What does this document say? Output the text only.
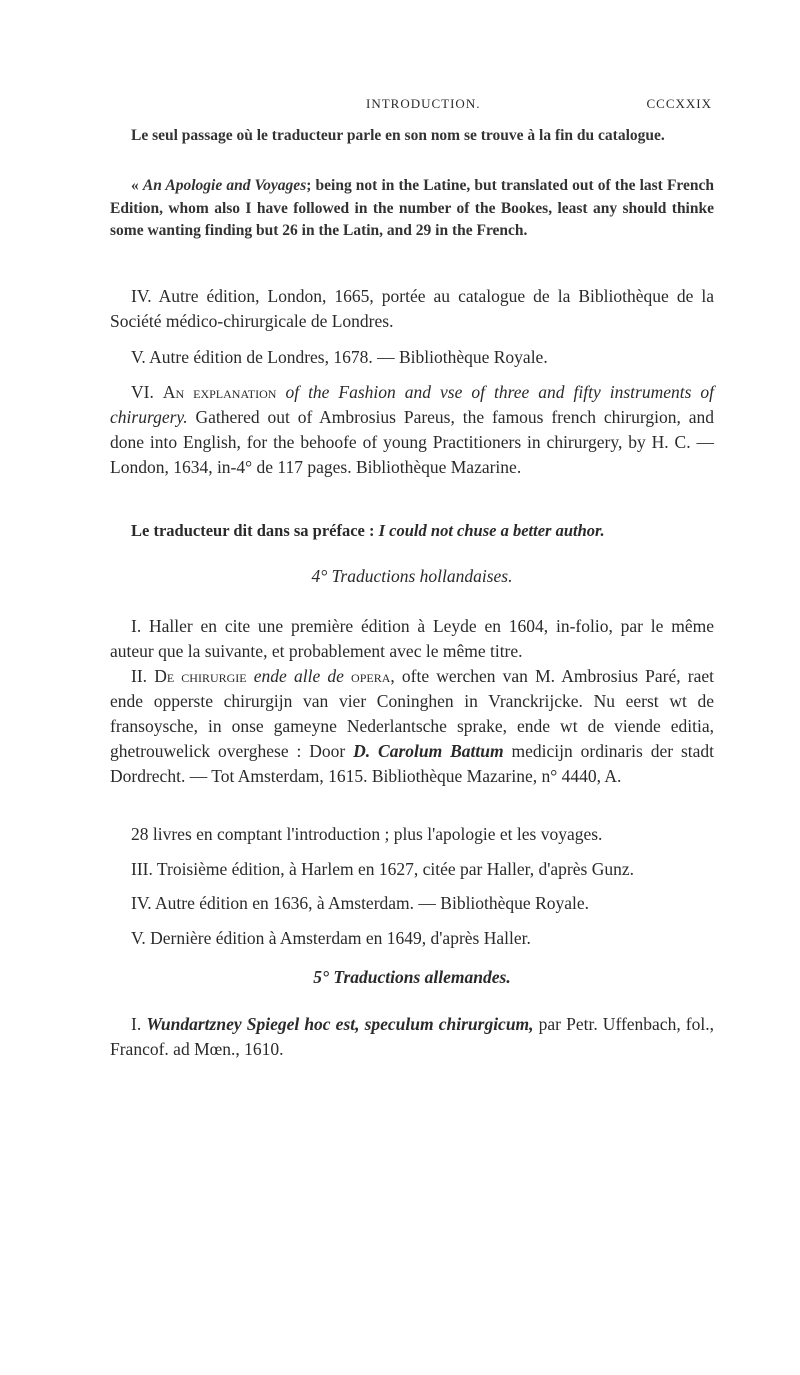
INTRODUCTION.	CCCXXIX

Le seul passage où le traducteur parle en son nom se trouve à la fin du catalogue.

« An Apologie and Voyages; being not in the Latine, but translated out of the last French Edition, whom also I have followed in the number of the Bookes, least any should thinke some wanting finding but 26 in the Latin, and 29 in the French.

IV. Autre édition, London, 1665, portée au catalogue de la Bibliothèque de la Société médico-chirurgicale de Londres.

V. Autre édition de Londres, 1678. — Bibliothèque Royale.

VI. An explanation of the Fashion and vse of three and fifty instruments of chirurgery. Gathered out of Ambrosius Pareus, the famous french chirurgion, and done into English, for the behoofe of young Practitioners in chirurgery, by H. C. — London, 1634, in-4° de 117 pages. Bibliothèque Mazarine.

Le traducteur dit dans sa préface : I could not chuse a better author.

4° Traductions hollandaises.

I. Haller en cite une première édition à Leyde en 1604, in-folio, par le même auteur que la suivante, et probablement avec le même titre.

II. De chirurgie ende alle de opera, ofte werchen van M. Ambrosius Paré, raet ende opperste chirurgijn van vier Coninghen in Vranckrijcke. Nu eerst wt de fransoysche, in onse gameyne Nederlantsche sprake, ende wt de viende editia, ghetrouwelick overghese : Door D. Carolum Battum medicijn ordinaris der stadt Dordrecht. — Tot Amsterdam, 1615. Bibliothèque Mazarine, n° 4440, A.

28 livres en comptant l'introduction ; plus l'apologie et les voyages.

III. Troisième édition, à Harlem en 1627, citée par Haller, d'après Gunz.

IV. Autre édition en 1636, à Amsterdam. — Bibliothèque Royale.

V. Dernière édition à Amsterdam en 1649, d'après Haller.

5° Traductions allemandes.

I. Wundartzney Spiegel hoc est, speculum chirurgicum, par Petr. Uffenbach, fol., Francof. ad Mœn., 1610.
